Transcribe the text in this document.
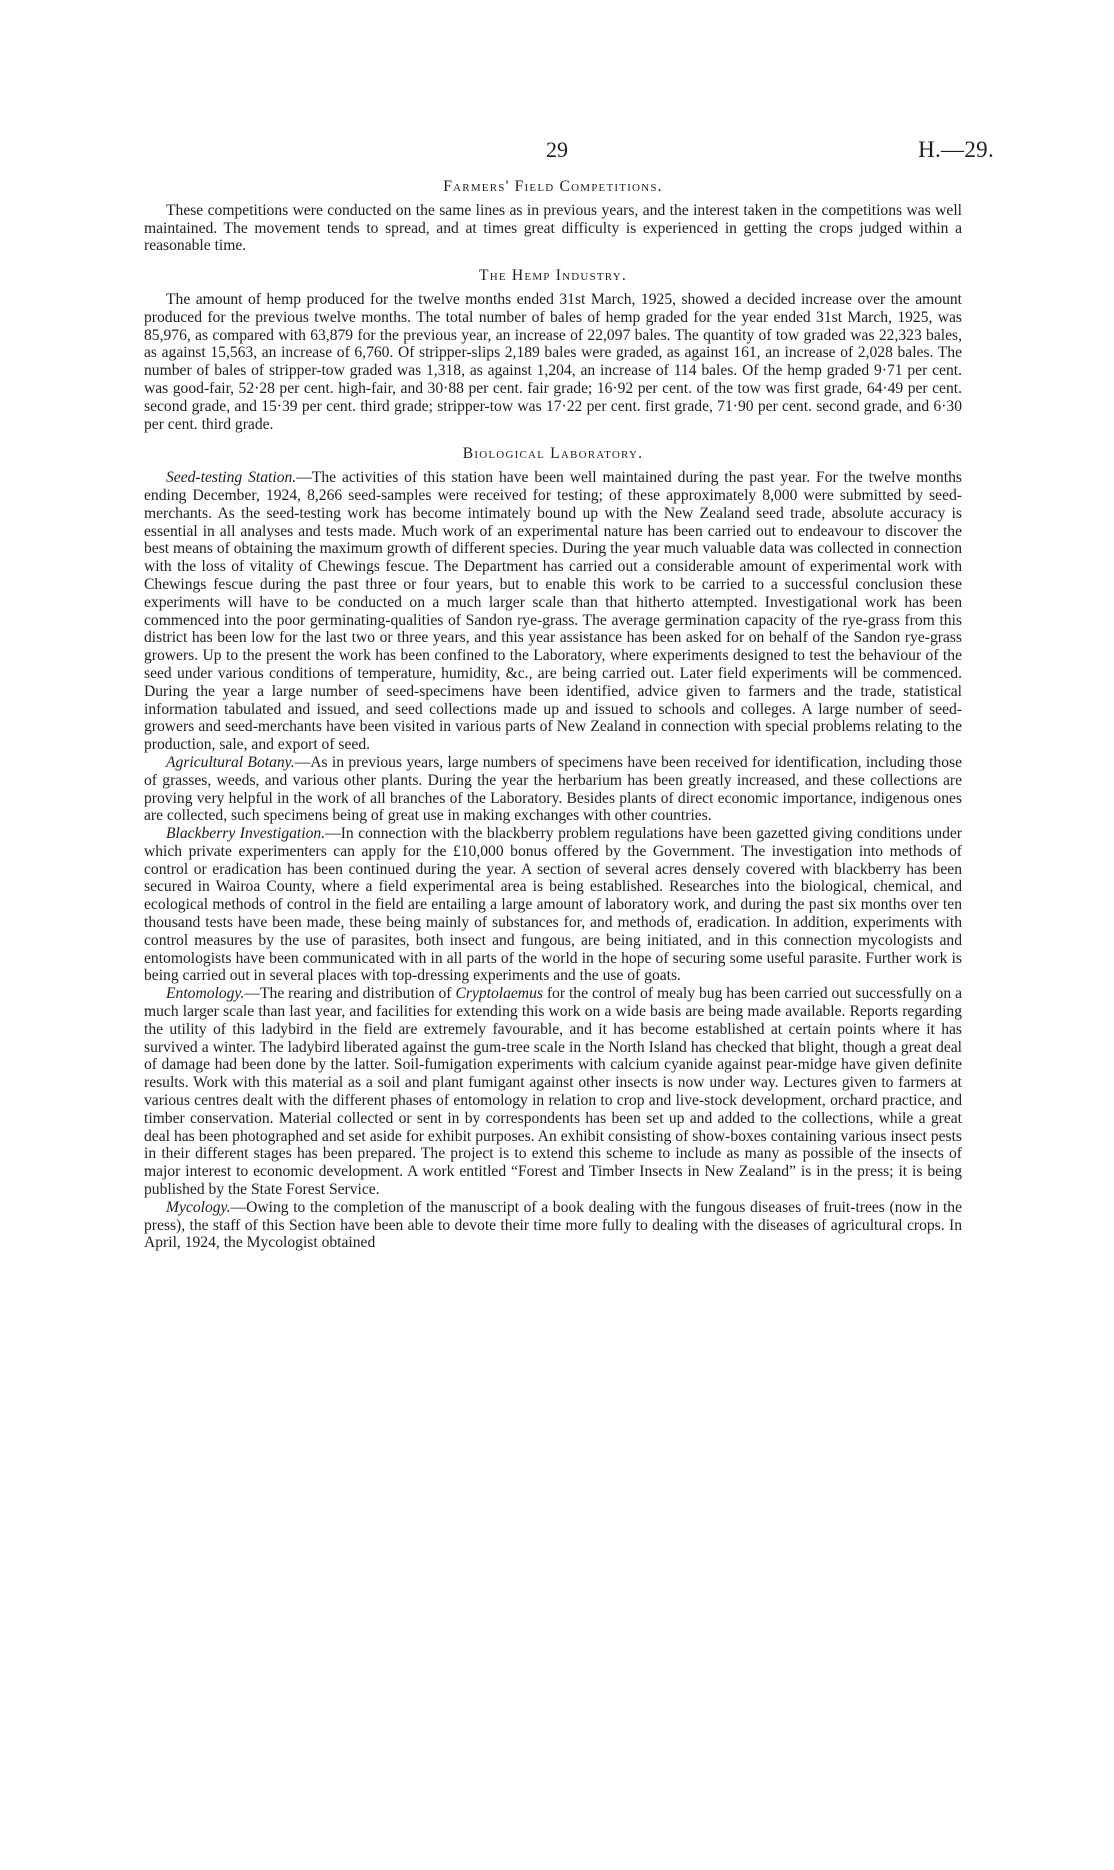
29	H.—29.
Farmers' Field Competitions.

These competitions were conducted on the same lines as in previous years, and the interest taken in the competitions was well maintained. The movement tends to spread, and at times great difficulty is experienced in getting the crops judged within a reasonable time.

The Hemp Industry.

The amount of hemp produced for the twelve months ended 31st March, 1925, showed a decided increase over the amount produced for the previous twelve months. The total number of bales of hemp graded for the year ended 31st March, 1925, was 85,976, as compared with 63,879 for the previous year, an increase of 22,097 bales. The quantity of tow graded was 22,323 bales, as against 15,563, an increase of 6,760. Of stripper-slips 2,189 bales were graded, as against 161, an increase of 2,028 bales. The number of bales of stripper-tow graded was 1,318, as against 1,204, an increase of 114 bales. Of the hemp graded 9·71 per cent. was good-fair, 52·28 per cent. high-fair, and 30·88 per cent. fair grade; 16·92 per cent. of the tow was first grade, 64·49 per cent. second grade, and 15·39 per cent. third grade; stripper-tow was 17·22 per cent. first grade, 71·90 per cent. second grade, and 6·30 per cent. third grade.

Biological Laboratory.

Seed-testing Station.—The activities of this station have been well maintained during the past year. For the twelve months ending December, 1924, 8,266 seed-samples were received for testing; of these approximately 8,000 were submitted by seed-merchants. As the seed-testing work has become intimately bound up with the New Zealand seed trade, absolute accuracy is essential in all analyses and tests made. Much work of an experimental nature has been carried out to endeavour to discover the best means of obtaining the maximum growth of different species. During the year much valuable data was collected in connection with the loss of vitality of Chewings fescue. The Department has carried out a considerable amount of experimental work with Chewings fescue during the past three or four years, but to enable this work to be carried to a successful conclusion these experiments will have to be conducted on a much larger scale than that hitherto attempted. Investigational work has been commenced into the poor germinating-qualities of Sandon rye-grass. The average germination capacity of the rye-grass from this district has been low for the last two or three years, and this year assistance has been asked for on behalf of the Sandon rye-grass growers. Up to the present the work has been confined to the Laboratory, where experiments designed to test the behaviour of the seed under various conditions of temperature, humidity, &c., are being carried out. Later field experiments will be commenced. During the year a large number of seed-specimens have been identified, advice given to farmers and the trade, statistical information tabulated and issued, and seed collections made up and issued to schools and colleges. A large number of seed-growers and seed-merchants have been visited in various parts of New Zealand in connection with special problems relating to the production, sale, and export of seed.

Agricultural Botany.—As in previous years, large numbers of specimens have been received for identification, including those of grasses, weeds, and various other plants. During the year the herbarium has been greatly increased, and these collections are proving very helpful in the work of all branches of the Laboratory. Besides plants of direct economic importance, indigenous ones are collected, such specimens being of great use in making exchanges with other countries.

Blackberry Investigation.—In connection with the blackberry problem regulations have been gazetted giving conditions under which private experimenters can apply for the £10,000 bonus offered by the Government. The investigation into methods of control or eradication has been continued during the year. A section of several acres densely covered with blackberry has been secured in Wairoa County, where a field experimental area is being established. Researches into the biological, chemical, and ecological methods of control in the field are entailing a large amount of laboratory work, and during the past six months over ten thousand tests have been made, these being mainly of substances for, and methods of, eradication. In addition, experiments with control measures by the use of parasites, both insect and fungous, are being initiated, and in this connection mycologists and entomologists have been communicated with in all parts of the world in the hope of securing some useful parasite. Further work is being carried out in several places with top-dressing experiments and the use of goats.

Entomology.—The rearing and distribution of Cryptolaemus for the control of mealy bug has been carried out successfully on a much larger scale than last year, and facilities for extending this work on a wide basis are being made available. Reports regarding the utility of this ladybird in the field are extremely favourable, and it has become established at certain points where it has survived a winter. The ladybird liberated against the gum-tree scale in the North Island has checked that blight, though a great deal of damage had been done by the latter. Soil-fumigation experiments with calcium cyanide against pear-midge have given definite results. Work with this material as a soil and plant fumigant against other insects is now under way. Lectures given to farmers at various centres dealt with the different phases of entomology in relation to crop and live-stock development, orchard practice, and timber conservation. Material collected or sent in by correspondents has been set up and added to the collections, while a great deal has been photographed and set aside for exhibit purposes. An exhibit consisting of show-boxes containing various insect pests in their different stages has been prepared. The project is to extend this scheme to include as many as possible of the insects of major interest to economic development. A work entitled “Forest and Timber Insects in New Zealand” is in the press; it is being published by the State Forest Service.

Mycology.—Owing to the completion of the manuscript of a book dealing with the fungous diseases of fruit-trees (now in the press), the staff of this Section have been able to devote their time more fully to dealing with the diseases of agricultural crops. In April, 1924, the Mycologist obtained
